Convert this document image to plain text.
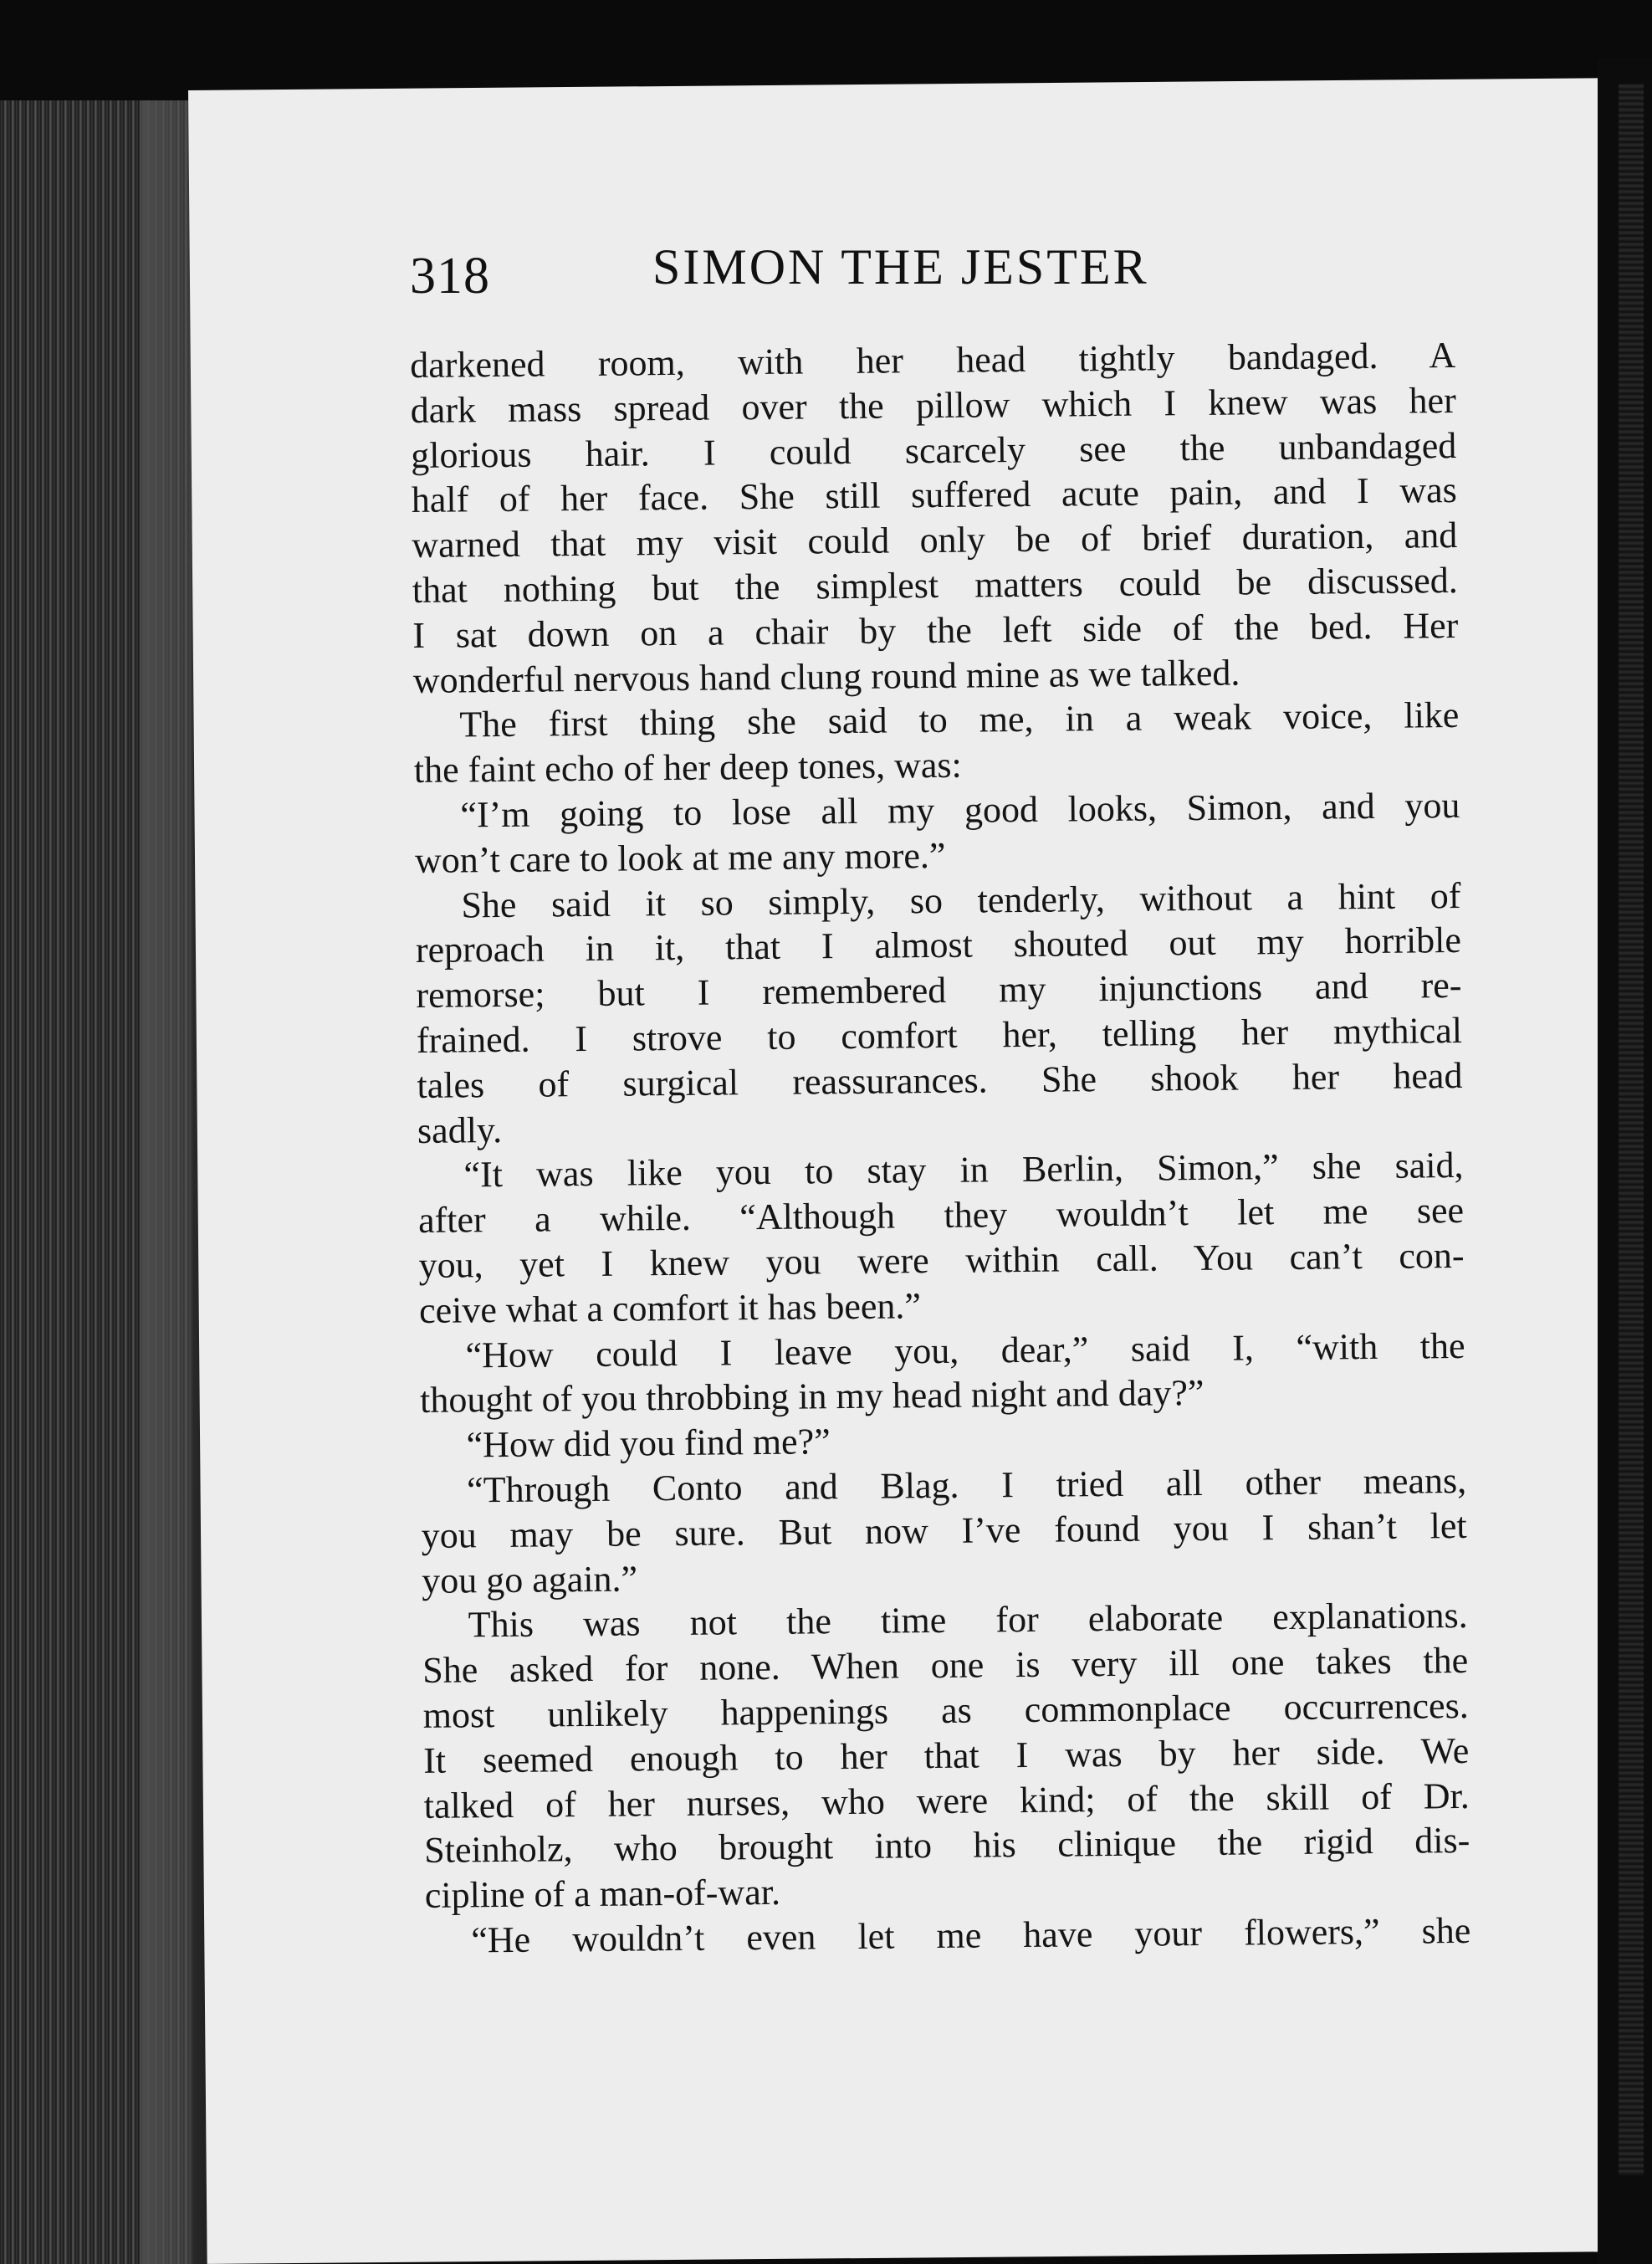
318	SIMON THE JESTER
darkened room, with her head tightly bandaged. A
dark mass spread over the pillow which I knew was her
glorious hair. I could scarcely see the unbandaged
half of her face. She still suffered acute pain, and I was
warned that my visit could only be of brief duration, and
that nothing but the simplest matters could be discussed.
I sat down on a chair by the left side of the bed. Her
wonderful nervous hand clung round mine as we talked.
The first thing she said to me, in a weak voice, like
the faint echo of her deep tones, was:
“I’m going to lose all my good looks, Simon, and you
won’t care to look at me any more.”
She said it so simply, so tenderly, without a hint of
reproach in it, that I almost shouted out my horrible
remorse; but I remembered my injunctions and re-
frained. I strove to comfort her, telling her mythical
tales of surgical reassurances. She shook her head
sadly.
“It was like you to stay in Berlin, Simon,” she said,
after a while. “Although they wouldn’t let me see
you, yet I knew you were within call. You can’t con-
ceive what a comfort it has been.”
“How could I leave you, dear,” said I, “with the
thought of you throbbing in my head night and day?”
“How did you find me?”
“Through Conto and Blag. I tried all other means,
you may be sure. But now I’ve found you I shan’t let
you go again.”
This was not the time for elaborate explanations.
She asked for none. When one is very ill one takes the
most unlikely happenings as commonplace occurrences.
It seemed enough to her that I was by her side. We
talked of her nurses, who were kind; of the skill of Dr.
Steinholz, who brought into his clinique the rigid dis-
cipline of a man-of-war.
“He wouldn’t even let me have your flowers,” she
